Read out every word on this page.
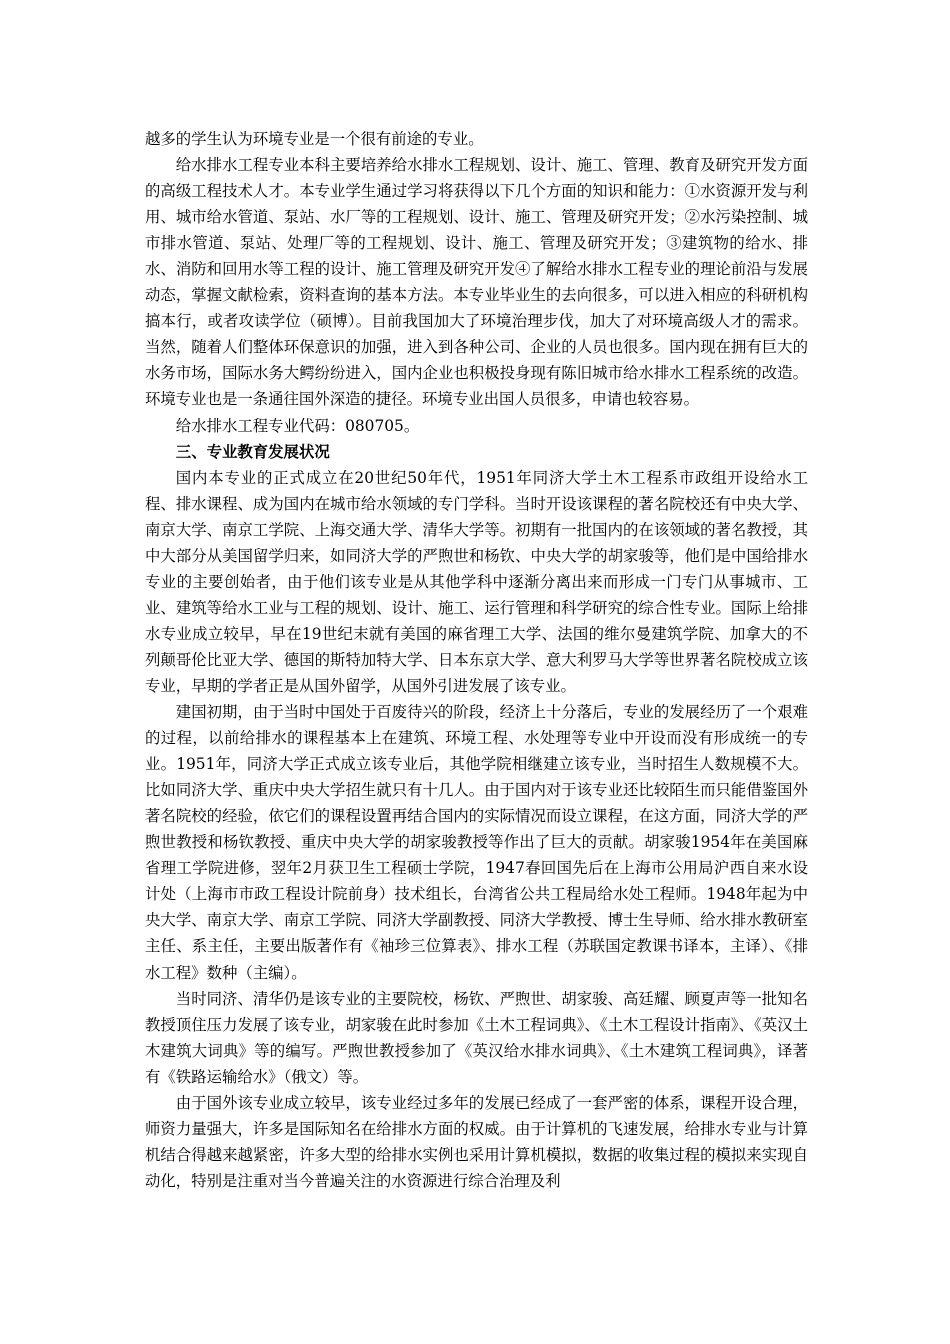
越多的学生认为环境专业是一个很有前途的专业。

给水排水工程专业本科主要培养给水排水工程规划、设计、施工、管理、教育及研究开发方面的高级工程技术人才。本专业学生通过学习将获得以下几个方面的知识和能力：①水资源开发与利用、城市给水管道、泵站、水厂等的工程规划、设计、施工、管理及研究开发；②水污染控制、城市排水管道、泵站、处理厂等的工程规划、设计、施工、管理及研究开发；③建筑物的给水、排水、消防和回用水等工程的设计、施工管理及研究开发④了解给水排水工程专业的理论前沿与发展动态，掌握文献检索，资料查询的基本方法。本专业毕业生的去向很多，可以进入相应的科研机构搞本行，或者攻读学位（硕博）。目前我国加大了环境治理步伐，加大了对环境高级人才的需求。当然，随着人们整体环保意识的加强，进入到各种公司、企业的人员也很多。国内现在拥有巨大的水务市场，国际水务大鳄纷纷进入，国内企业也积极投身现有陈旧城市给水排水工程系统的改造。环境专业也是一条通往国外深造的捷径。环境专业出国人员很多，申请也较容易。

给水排水工程专业代码：080705。

三、专业教育发展状况

国内本专业的正式成立在20世纪50年代，1951年同济大学土木工程系市政组开设给水工程、排水课程、成为国内在城市给水领域的专门学科。当时开设该课程的著名院校还有中央大学、南京大学、南京工学院、上海交通大学、清华大学等。初期有一批国内的在该领域的著名教授，其中大部分从美国留学归来，如同济大学的严煦世和杨钦、中央大学的胡家骏等，他们是中国给排水专业的主要创始者，由于他们该专业是从其他学科中逐渐分离出来而形成一门专门从事城市、工业、建筑等给水工业与工程的规划、设计、施工、运行管理和科学研究的综合性专业。国际上给排水专业成立较早，早在19世纪末就有美国的麻省理工大学、法国的维尔曼建筑学院、加拿大的不列颠哥伦比亚大学、德国的斯特加特大学、日本东京大学、意大利罗马大学等世界著名院校成立该专业，早期的学者正是从国外留学，从国外引进发展了该专业。

建国初期，由于当时中国处于百废待兴的阶段，经济上十分落后，专业的发展经历了一个艰难的过程，以前给排水的课程基本上在建筑、环境工程、水处理等专业中开设而没有形成统一的专业。1951年，同济大学正式成立该专业后，其他学院相继建立该专业，当时招生人数规模不大。比如同济大学、重庆中央大学招生就只有十几人。由于国内对于该专业还比较陌生而只能借鉴国外著名院校的经验，依它们的课程设置再结合国内的实际情况而设立课程，在这方面，同济大学的严煦世教授和杨钦教授、重庆中央大学的胡家骏教授等作出了巨大的贡献。胡家骏1954年在美国麻省理工学院进修，翌年2月获卫生工程硕士学院，1947春回国先后在上海市公用局沪西自来水设计处（上海市市政工程设计院前身）技术组长，台湾省公共工程局给水处工程师。1948年起为中央大学、南京大学、南京工学院、同济大学副教授、同济大学教授、博士生导师、给水排水教研室主任、系主任，主要出版著作有《袖珍三位算表》、排水工程（苏联国定教课书译本，主译）、《排水工程》数种（主编）。

当时同济、清华仍是该专业的主要院校，杨钦、严煦世、胡家骏、高廷耀、顾夏声等一批知名教授顶住压力发展了该专业，胡家骏在此时参加《土木工程词典》、《土木工程设计指南》、《英汉土木建筑大词典》等的编写。严煦世教授参加了《英汉给水排水词典》、《土木建筑工程词典》，译著有《铁路运输给水》（俄文）等。

由于国外该专业成立较早，该专业经过多年的发展已经成了一套严密的体系，课程开设合理，师资力量强大，许多是国际知名在给排水方面的权威。由于计算机的飞速发展，给排水专业与计算机结合得越来越紧密，许多大型的给排水实例也采用计算机模拟，数据的收集过程的模拟来实现自动化，特别是注重对当今普遍关注的水资源进行综合治理及利
